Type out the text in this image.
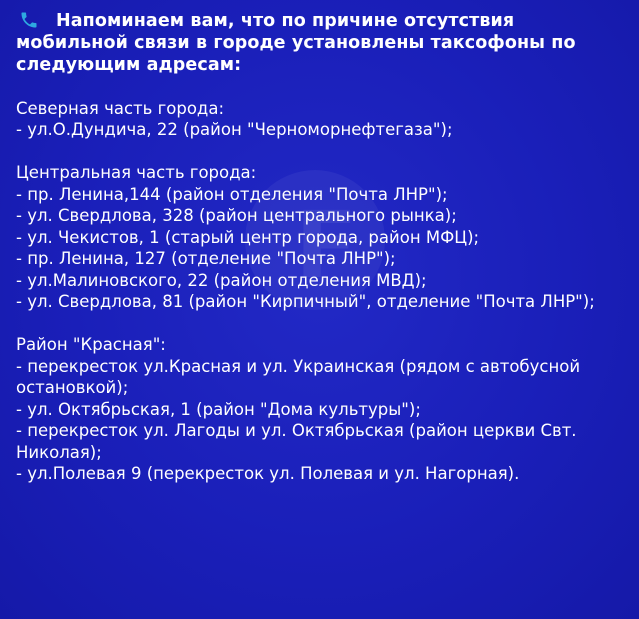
F

Напоминаем вам, что по причине отсутствия мобильной связи в городе установлены таксофоны по следующим адресам:

Северная часть города:
- ул.О.Дундича, 22 (район "Черноморнефтегаза");
Центральная часть города:
- пр. Ленина,144 (район отделения "Почта ЛНР");
- ул. Свердлова, 328 (район центрального рынка);
- ул. Чекистов, 1 (старый центр города, район МФЦ);
- пр. Ленина, 127 (отделение "Почта ЛНР");
- ул.Малиновского, 22 (район отделения МВД);
- ул. Свердлова, 81 (район "Кирпичный", отделение "Почта ЛНР");
Район "Красная":
- перекресток ул.Красная и ул. Украинская (рядом с автобусной остановкой);
- ул. Октябрьская, 1 (район "Дома культуры");
- перекресток ул. Лагоды и ул. Октябрьская (район церкви Свт. Николая);
- ул.Полевая 9 (перекресток ул. Полевая и ул. Нагорная).
